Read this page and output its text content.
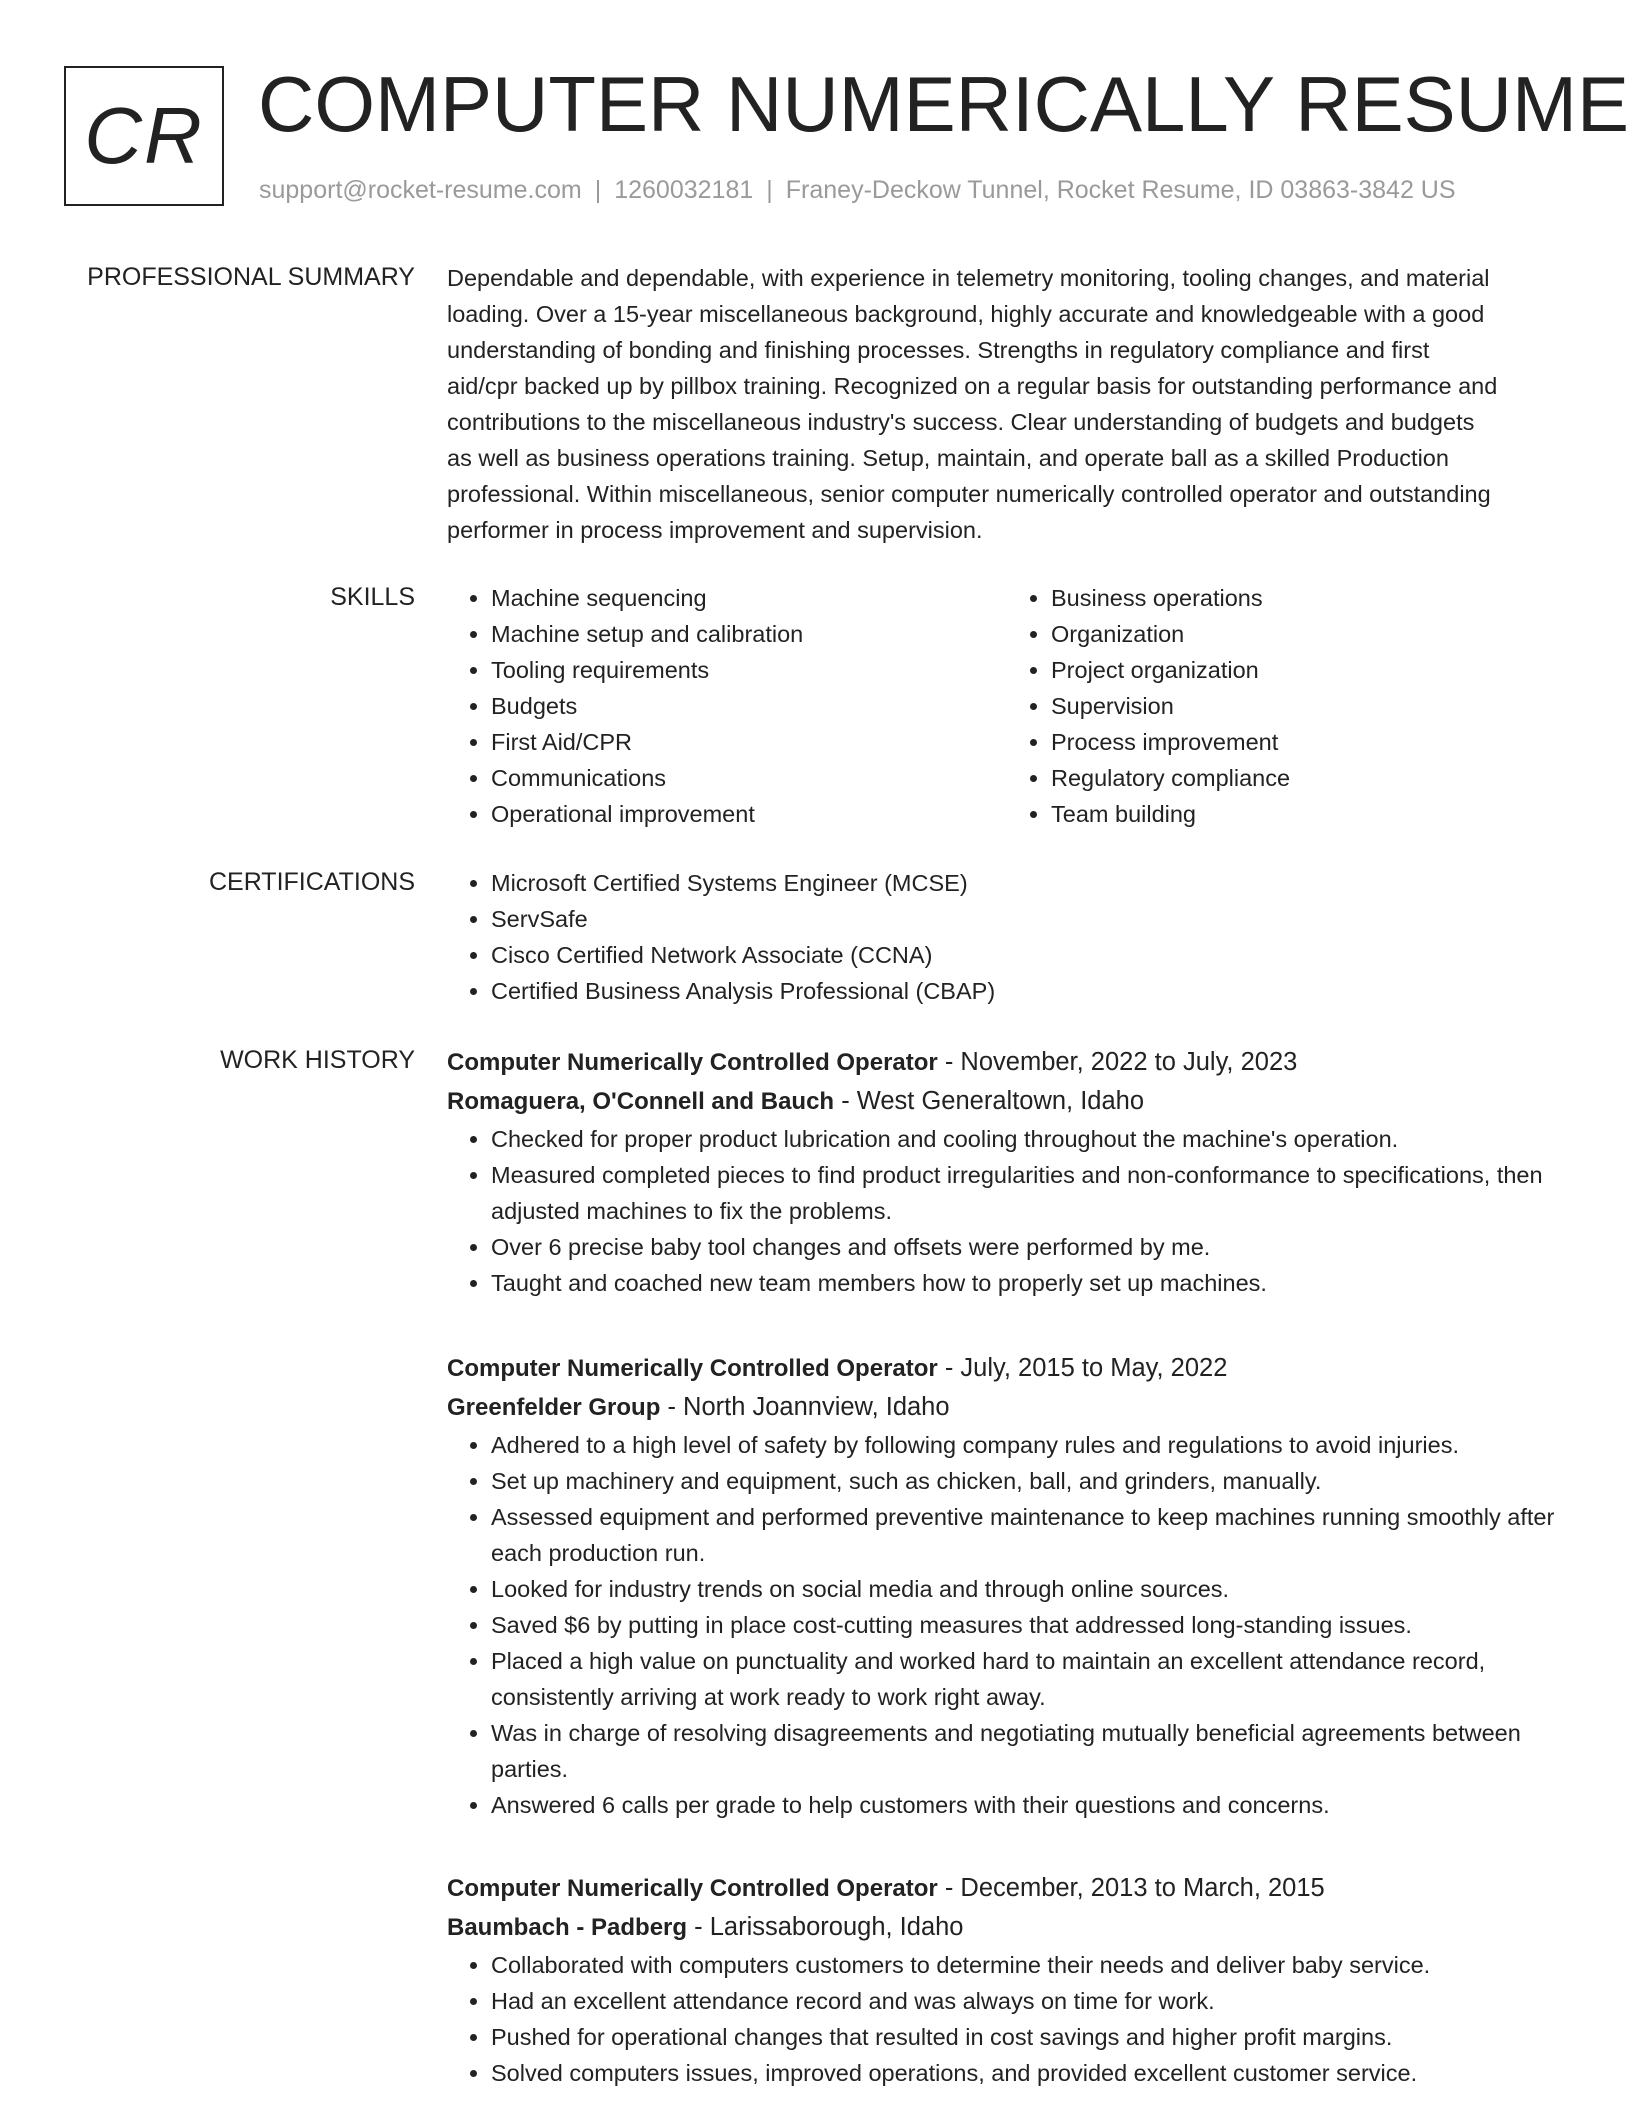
CR COMPUTER NUMERICALLY RESUME
support@rocket-resume.com | 1260032181 | Franey-Deckow Tunnel, Rocket Resume, ID 03863-3842 US
PROFESSIONAL SUMMARY Dependable and dependable, with experience in telemetry monitoring, tooling changes, and material

loading. Over a 15-year miscellaneous background, highly accurate and knowledgeable with a good

understanding of bonding and finishing processes. Strengths in regulatory compliance and first

aid/cpr backed up by pillbox training. Recognized on a regular basis for outstanding performance and

contributions to the miscellaneous industry's success. Clear understanding of budgets and budgets

as well as business operations training. Setup, maintain, and operate ball as a skilled Production

professional. Within miscellaneous, senior computer numerically controlled operator and outstanding

performer in process improvement and supervision.

SKILLS	• Machine sequencing
• Machine setup and calibration
• Tooling requirements
• Budgets
• First Aid/CPR
• Communications
• Operational improvement
• Business operations
• Organization
• Project organization
• Supervision
• Process improvement
• Regulatory compliance
• Team building
CERTIFICATIONS	• Microsoft Certified Systems Engineer (MCSE)
• ServSafe
• Cisco Certified Network Associate (CCNA)
• Certified Business Analysis Professional (CBAP)
WORK HISTORY Computer Numerically Controlled Operator - November, 2022 to July, 2023
Romaguera, O'Connell and Bauch - West Generaltown, Idaho
• Checked for proper product lubrication and cooling throughout the machine's operation.
• Measured completed pieces to find product irregularities and non-conformance to specifications, then adjusted machines to fix the problems.
• Over 6 precise baby tool changes and offsets were performed by me.
• Taught and coached new team members how to properly set up machines.
Computer Numerically Controlled Operator - July, 2015 to May, 2022
Greenfelder Group - North Joannview, Idaho
• Adhered to a high level of safety by following company rules and regulations to avoid injuries.
• Set up machinery and equipment, such as chicken, ball, and grinders, manually.
• Assessed equipment and performed preventive maintenance to keep machines running smoothly after each production run.
• Looked for industry trends on social media and through online sources.
• Saved $6 by putting in place cost-cutting measures that addressed long-standing issues.
• Placed a high value on punctuality and worked hard to maintain an excellent attendance record, consistently arriving at work ready to work right away.
• Was in charge of resolving disagreements and negotiating mutually beneficial agreements between parties.
• Answered 6 calls per grade to help customers with their questions and concerns.
Computer Numerically Controlled Operator - December, 2013 to March, 2015
Baumbach - Padberg - Larissaborough, Idaho
• Collaborated with computers customers to determine their needs and deliver baby service.
• Had an excellent attendance record and was always on time for work.
• Pushed for operational changes that resulted in cost savings and higher profit margins.
• Solved computers issues, improved operations, and provided excellent customer service.
